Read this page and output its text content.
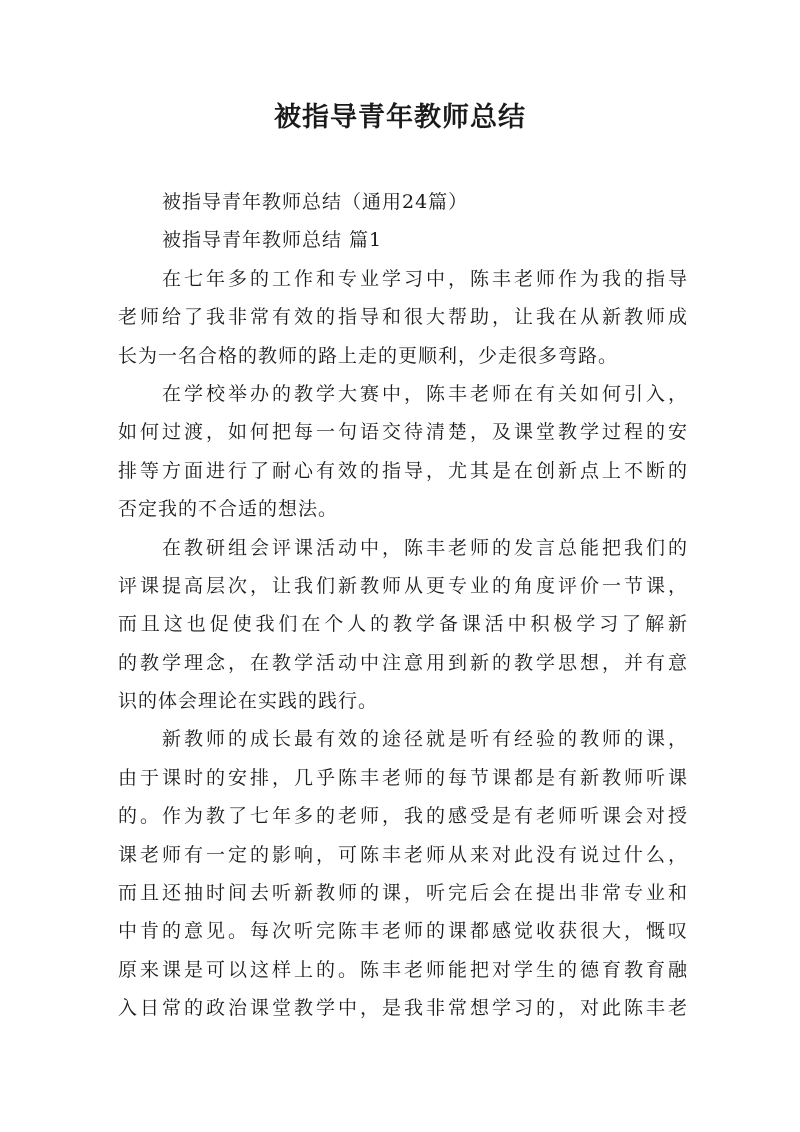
被指导青年教师总结
被指导青年教师总结（通用24篇）
被指导青年教师总结 篇1
在七年多的工作和专业学习中，陈丰老师作为我的指导
老师给了我非常有效的指导和很大帮助，让我在从新教师成
长为一名合格的教师的路上走的更顺利，少走很多弯路。
在学校举办的教学大赛中，陈丰老师在有关如何引入，
如何过渡，如何把每一句语交待清楚，及课堂教学过程的安
排等方面进行了耐心有效的指导，尤其是在创新点上不断的
否定我的不合适的想法。
在教研组会评课活动中，陈丰老师的发言总能把我们的
评课提高层次，让我们新教师从更专业的角度评价一节课，
而且这也促使我们在个人的教学备课活中积极学习了解新
的教学理念，在教学活动中注意用到新的教学思想，并有意
识的体会理论在实践的践行。
新教师的成长最有效的途径就是听有经验的教师的课，
由于课时的安排，几乎陈丰老师的每节课都是有新教师听课
的。作为教了七年多的老师，我的感受是有老师听课会对授
课老师有一定的影响，可陈丰老师从来对此没有说过什么，
而且还抽时间去听新教师的课，听完后会在提出非常专业和
中肯的意见。每次听完陈丰老师的课都感觉收获很大，慨叹
原来课是可以这样上的。陈丰老师能把对学生的德育教育融
入日常的政治课堂教学中，是我非常想学习的，对此陈丰老
